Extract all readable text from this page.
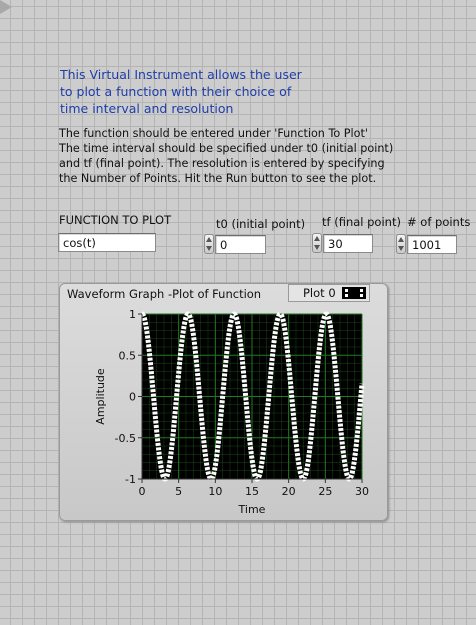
This Virtual Instrument allows the user
to plot a function with their choice of
time interval and resolution
The function should be entered under 'Function To Plot'
The time interval should be specified under t0 (initial point)
and tf (final point). The resolution is entered by specifying
the Number of Points. Hit the Run button to see the plot.
FUNCTION TO PLOT
cos(t)
t0 (initial point)
0
tf (final point)
30
# of points
1001
Waveform Graph -Plot of Function	Plot 0
0	5 10 15 20 25 30
1
0.5
0
-0.5
-1
Time
Amplitude
